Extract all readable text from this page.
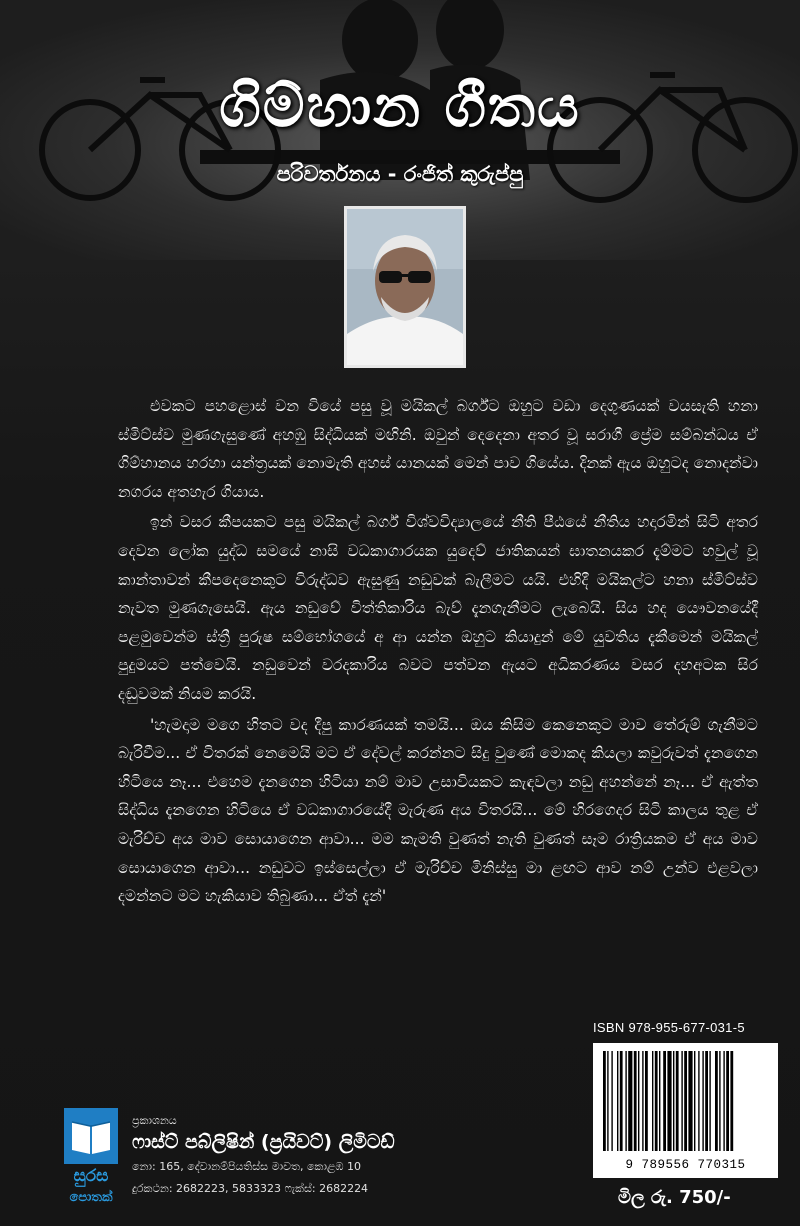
ගිම්හාන ගීතය
පරිවර්තනය - රංජිත් කුරුප්පු

එවකට පහළොස් වන වියේ පසු වූ මයිකල් බර්ග්ට ඔහුට වඩා දෙගුණයක් වයසැති හනා ස්මිට්ස්ව මුණගැසුණේ අහඹු සිද්ධියක් මඟිනි. ඔවුන් දෙදෙනා අතර වූ සරාගී ප්‍රේම සම්බන්ධය ඒ ගිම්හානය හරහා යන්ත්‍රයක් නොමැති අහස් යානයක් මෙන් පාව ගියේය. දිනක් ඇය ඔහුටද නොදන්වා නගරය අතහැර ගියාය.

ඉන් වසර කීපයකට පසු මයිකල් බර්ග් විශ්වවිද්‍යාලයේ නීති පීඨයේ නීතිය හදාරමින් සිටි අතර දෙවන ලෝක යුද්ධ සමයේ නාසි වධකාගාරයක යුදෙව් ජාතිකයන් ඝාතනයකර දැම්මට හවුල් වූ කාන්තාවන් කීපදෙනෙකුට විරුද්ධව ඇසුණු නඩුවක් බැලීමට යයි. එහිදී මයිකල්ට හනා ස්මිට්ස්ව නැවත මුණගැසෙයි. ඇය නඩුවේ විත්තිකාරිය බැව් දැනගැනීමට ලැබෙයි. සිය හද යෞවනයේදී පළමුවෙන්ම ස්ත්‍රී පුරුෂ සම්භෝගයේ අ ආ යන්න ඔහුට කියාදුන් මේ යුවතිය දැකීමෙන් මයිකල් පුදුමයට පත්වෙයි. නඩුවෙන් වරදකාරිය බවට පත්වන ඇයට අධිකරණය වසර දහඅටක සිර දඬුවමක් නියම කරයි.

'හැමදාම මගෙ හිතට වද දීපු කාරණයක් තමයි... ඔය කිසිම කෙනෙකුට මාව තේරුම් ගැනීමට බැරිවීම... ඒ විතරක් නෙමෙයි මට ඒ දේවල් කරන්නට සිදු වුණේ මොකද කියලා කවුරුවත් දැනගෙන හිටියෙ නෑ... එහෙම දැනගෙන හිටියා නම් මාව උසාවියකට කැඳවලා නඩු අහන්නේ නෑ... ඒ ඇත්ත සිද්ධිය දැනගෙන හිටියෙ ඒ වධකාගාරයේදී මැරුණ අය විතරයි... මේ හිරගෙදර සිටි කාලය තුළ ඒ මැරිච්ච අය මාව සොයාගෙන ආවා... මම කැමති වුණත් නැති වුණත් සෑම රාත්‍රියකම ඒ අය මාව සොයාගෙන ආවා... නඩුවට ඉස්සෙල්ලා ඒ මැරිච්ච මිනිස්සු මා ළඟට ආව නම් උන්ව එළවලා දමන්නට මට හැකියාව තිබුණා... ඒත් දැන්'

ISBN 978-955-677-031-5
9 789556 770315
මිල රු. 750/-
සුරස
පොතක්
ප්‍රකාශනය
ෆාස්ට් පබ්ලිෂින් (ප්‍රයිවට්) ලිමිටඩ්
නො: 165, දේවානම්පියතිස්ස මාවත, කොළඹ 10
දුරකථන: 2682223, 5833323 ෆැක්ස්: 2682224
